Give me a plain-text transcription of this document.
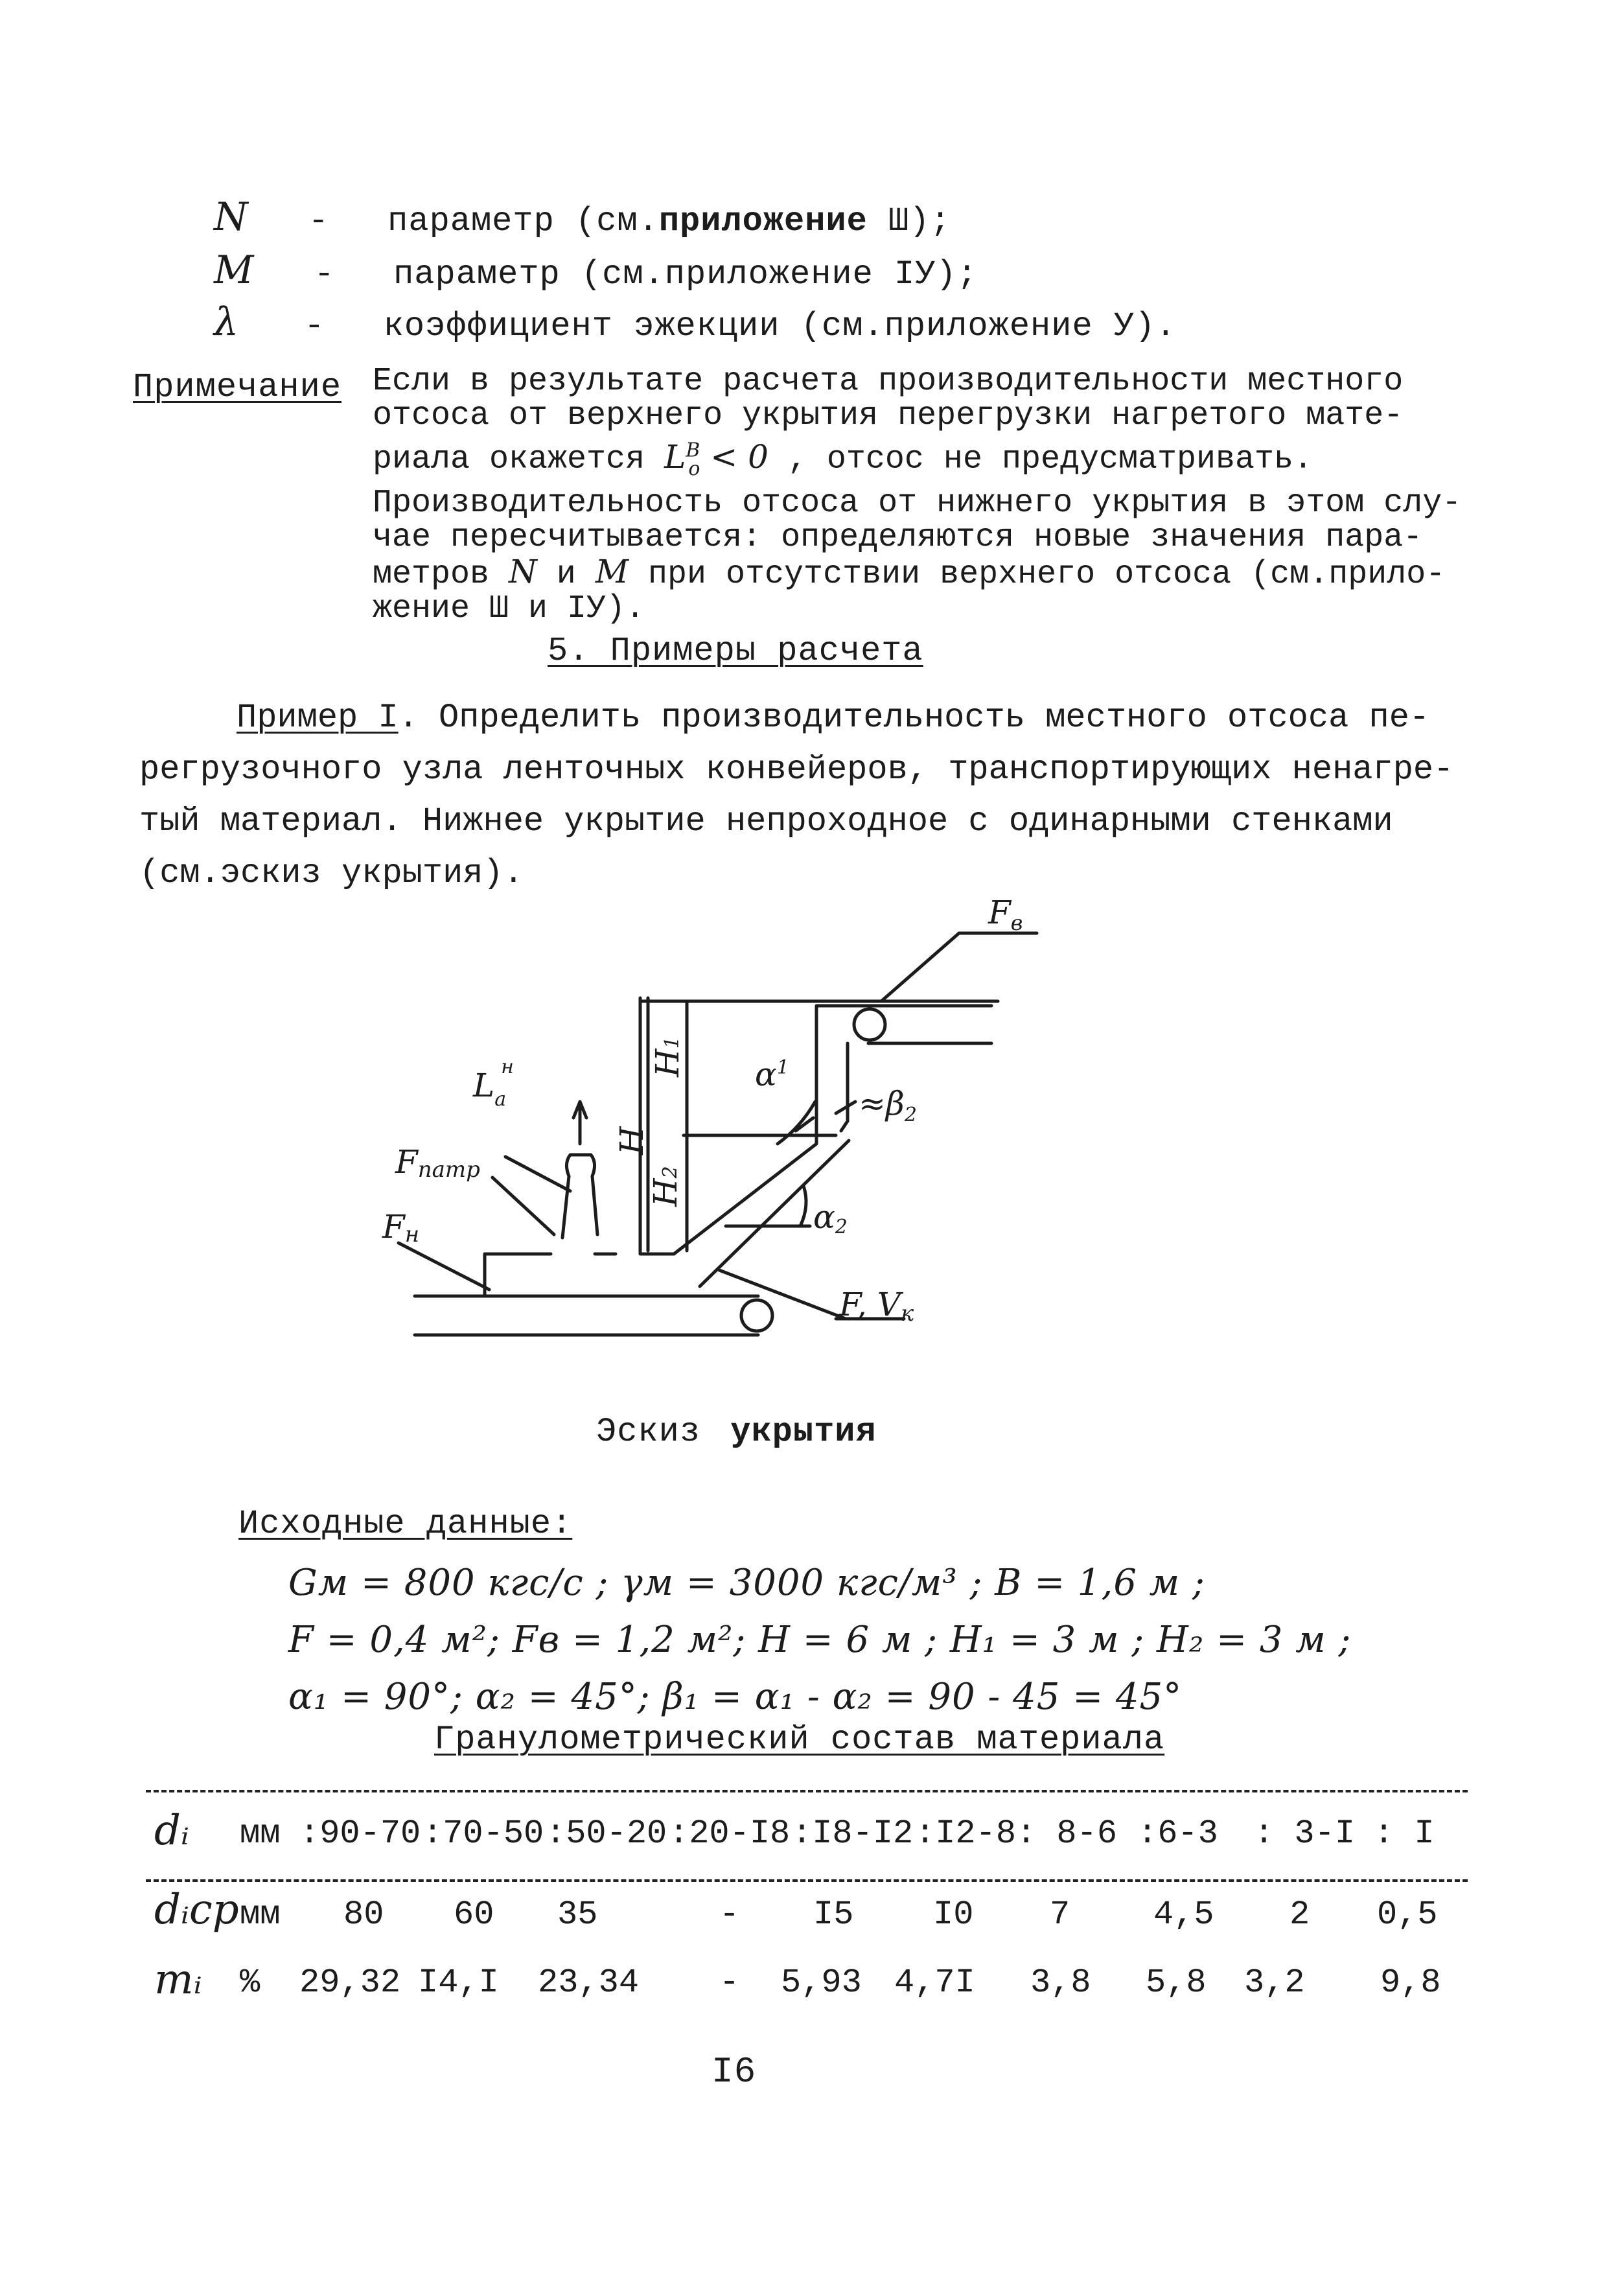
N - параметр (см.приложение Ш);
M - параметр (см.приложение IУ);
λ - коэффициент эжекции (см.приложение У).
Примечание Если в результате расчета производительности местного
отсоса от верхнего укрытия перегрузки нагретого мате-
риала окажется $L^В_о < 0$ , отсос не предусматривать.
Производительность отсоса от нижнего укрытия в этом слу-
чае пересчитывается: определяются новые значения пара-
метров N и M при отсутствии верхнего отсоса (см.прило-
жение Ш и IУ).
5. Примеры расчета
Пример I. Определить производительность местного отсоса пе-
регрузочного узла ленточных конвейеров, транспортирующих ненагре-
тый материал. Нижнее укрытие непроходное с одинарными стенками
(см.эскиз укрытия).
$F_в$
$L_ан$
Fпатр
Fн
F, Vк
H
H1
H2
$\alpha^1$
α2
$\approx\beta_2$
Эскиз укрытия
Исходные данные:
Gм = 800 кгс/с ; γм = 3000 кгс/м³ ; В = 1,6 м ;
F = 0,4 м²; Fв = 1,2 м²; Н = 6 м ; Н₁ = 3 м ; Н₂ = 3 м ;
α₁ = 90°; α₂ = 45°; β₁ = α₁ - α₂ = 90 - 45 = 45°
Гранулометрический состав материала
dᵢ мм :90-70 :70-50 :50-20 :20-I8 :I8-I2 :I2-8 : 8-6 :6-3 : 3-I : I
dᵢср мм 80 60 35	- I5 I0 7 4,5 2 0,5
mᵢ % 29,32 I4,I 23,34 - 5,93 4,7I 3,8 5,8 3,2 9,8
I6
